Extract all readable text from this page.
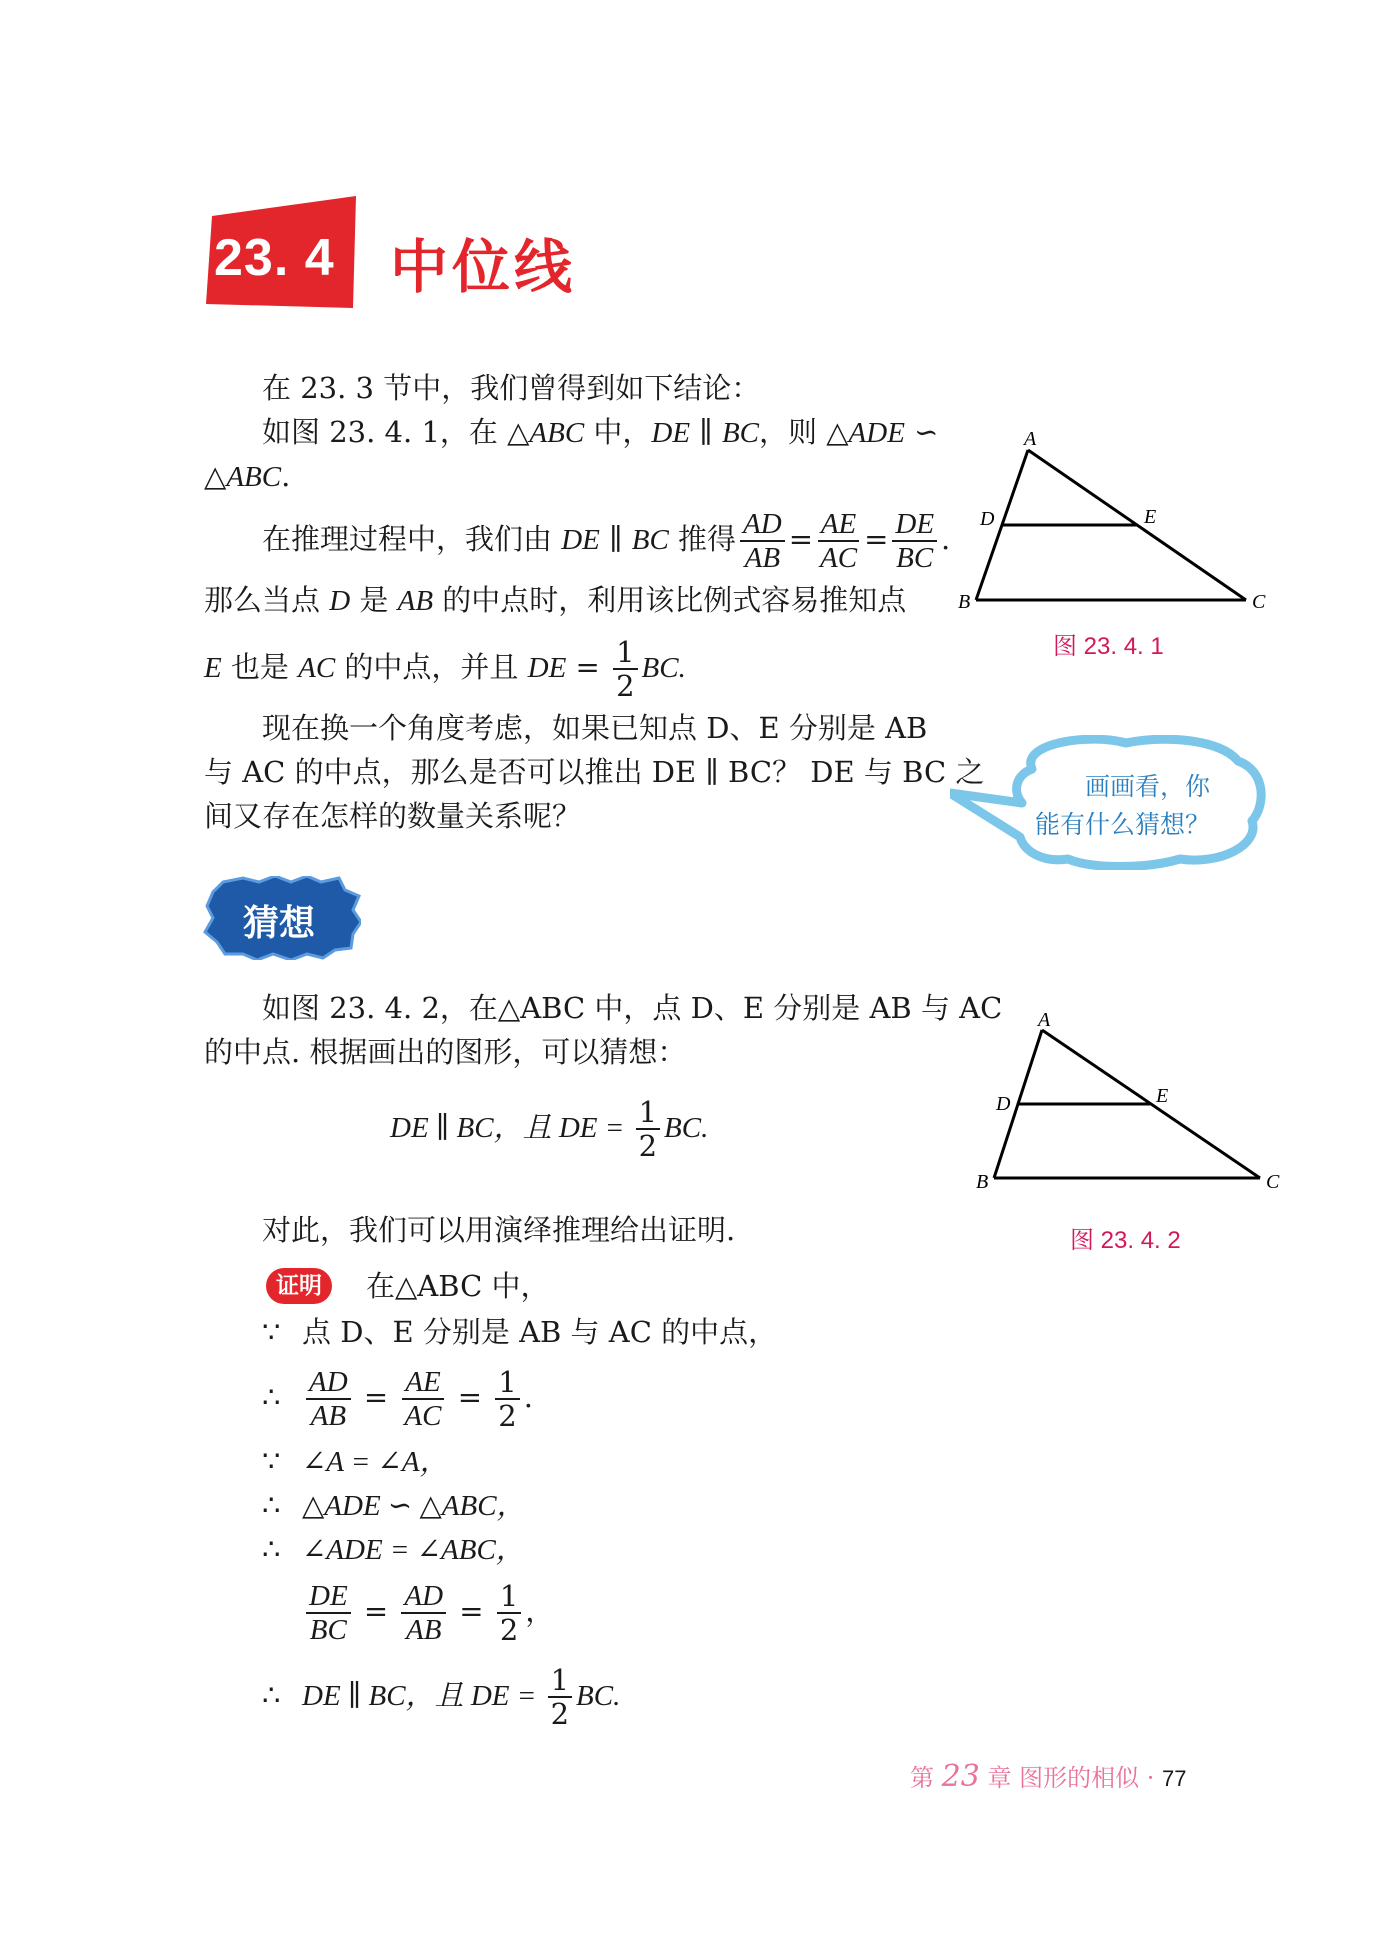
23. 4 中位线
在 23. 3 节中，我们曾得到如下结论：
如图 23. 4. 1，在 △ABC 中，DE ∥ BC，则 △ADE ∽
△ABC.
在推理过程中，我们由 DE ∥ BC 推得 $\frac{AD}{AB} = \frac{AE}{AC} = \frac{DE}{BC}$ .
那么当点 D 是 AB 的中点时，利用该比例式容易推知点
E 也是 AC 的中点，并且 DE = $\frac{1}{2}$ BC.
现在换一个角度考虑，如果已知点 D、E 分别是 AB
与 AC 的中点，那么是否可以推出 DE ∥ BC？ DE 与 BC 之
间又存在怎样的数量关系呢？
A
B	C
D	E
图 23. 4. 1
画画看，你
能有什么猜想？
猜想
如图 23. 4. 2，在△ABC 中，点 D、E 分别是 AB 与 AC
的中点. 根据画出的图形，可以猜想：
DE ∥ BC，且 DE = $\frac{1}{2}$ BC.
对此，我们可以用演绎推理给出证明.
A
B	C
D	E
图 23. 4. 2
证明	在△ABC 中，
∵ 点 D、E 分别是 AB 与 AC 的中点，
∴ $\frac{AD}{AB} = \frac{AE}{AC} = \frac{1}{2}$ .
∵ ∠A = ∠A，
∴ △ADE ∽ △ABC，
∴ ∠ADE = ∠ABC，
$\frac{DE}{BC} = \frac{AD}{AB} = \frac{1}{2}$ ，
∴ DE ∥ BC，且 DE = $\frac{1}{2}$ BC.
第 23 章 图形的相似 · 77
